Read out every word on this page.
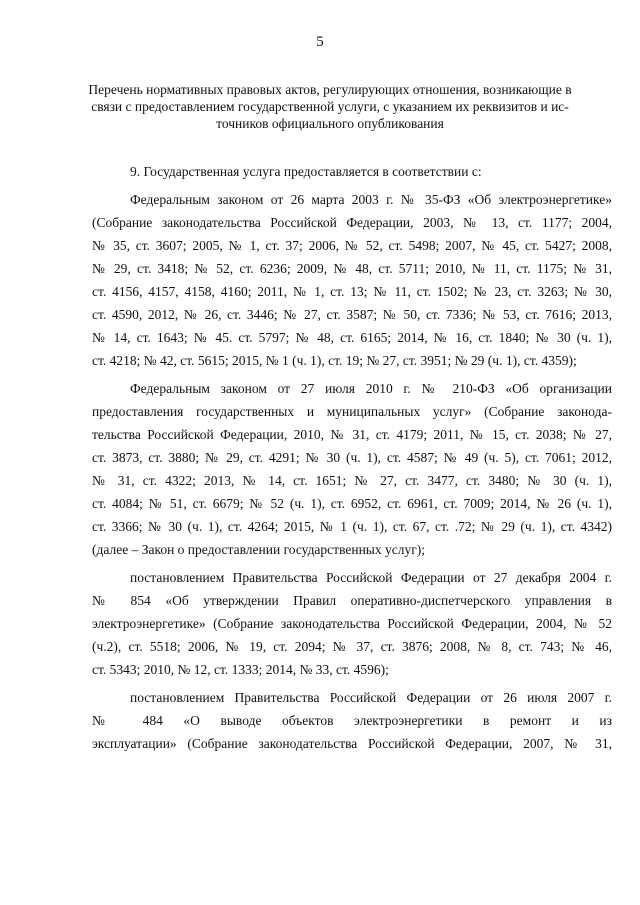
5
Перечень нормативных правовых актов, регулирующих отношения, возникающие в
связи с предоставлением государственной услуги, с указанием их реквизитов и ис-
точников официального опубликования
9. Государственная услуга предоставляется в соответствии с:
Федеральным законом от 26 марта 2003 г. № 35-ФЗ «Об электроэнергетике»
(Собрание законодательства Российской Федерации, 2003, № 13, ст. 1177; 2004,
№ 35, ст. 3607; 2005, № 1, ст. 37; 2006, № 52, ст. 5498; 2007, № 45, ст. 5427; 2008,
№ 29, ст. 3418; № 52, ст. 6236; 2009, № 48, ст. 5711; 2010, № 11, ст. 1175; № 31,
ст. 4156, 4157, 4158, 4160; 2011, № 1, ст. 13; № 11, ст. 1502; № 23, ст. 3263; № 30,
ст. 4590, 2012, № 26, ст. 3446; № 27, ст. 3587; № 50, ст. 7336; № 53, ст. 7616; 2013,
№ 14, ст. 1643; № 45. ст. 5797; № 48, ст. 6165; 2014, № 16, ст. 1840; № 30 (ч. 1),
ст. 4218; № 42, ст. 5615; 2015, № 1 (ч. 1), ст. 19; № 27, ст. 3951; № 29 (ч. 1), ст. 4359);
Федеральным законом от 27 июля 2010 г. № 210-ФЗ «Об организации
предоставления государственных и муниципальных услуг» (Собрание законода-
тельства Российской Федерации, 2010, № 31, ст. 4179; 2011, № 15, ст. 2038; № 27,
ст. 3873, ст. 3880; № 29, ст. 4291; № 30 (ч. 1), ст. 4587; № 49 (ч. 5), ст. 7061; 2012,
№ 31, ст. 4322; 2013, № 14, ст. 1651; № 27, ст. 3477, ст. 3480; № 30 (ч. 1),
ст. 4084; № 51, ст. 6679; № 52 (ч. 1), ст. 6952, ст. 6961, ст. 7009; 2014, № 26 (ч. 1),
ст. 3366; № 30 (ч. 1), ст. 4264; 2015, № 1 (ч. 1), ст. 67, ст. .72; № 29 (ч. 1), ст. 4342)
(далее – Закон о предоставлении государственных услуг);
постановлением Правительства Российской Федерации от 27 декабря 2004 г.
№ 854 «Об утверждении Правил оперативно-диспетчерского управления в
электроэнергетике» (Собрание законодательства Российской Федерации, 2004, № 52
(ч.2), ст. 5518; 2006, № 19, ст. 2094; № 37, ст. 3876; 2008, № 8, ст. 743; № 46,
ст. 5343; 2010, № 12, ст. 1333; 2014, № 33, ст. 4596);
постановлением Правительства Российской Федерации от 26 июля 2007 г.
№ 484 «О выводе объектов электроэнергетики в ремонт и из
эксплуатации» (Собрание законодательства Российской Федерации, 2007, № 31,
